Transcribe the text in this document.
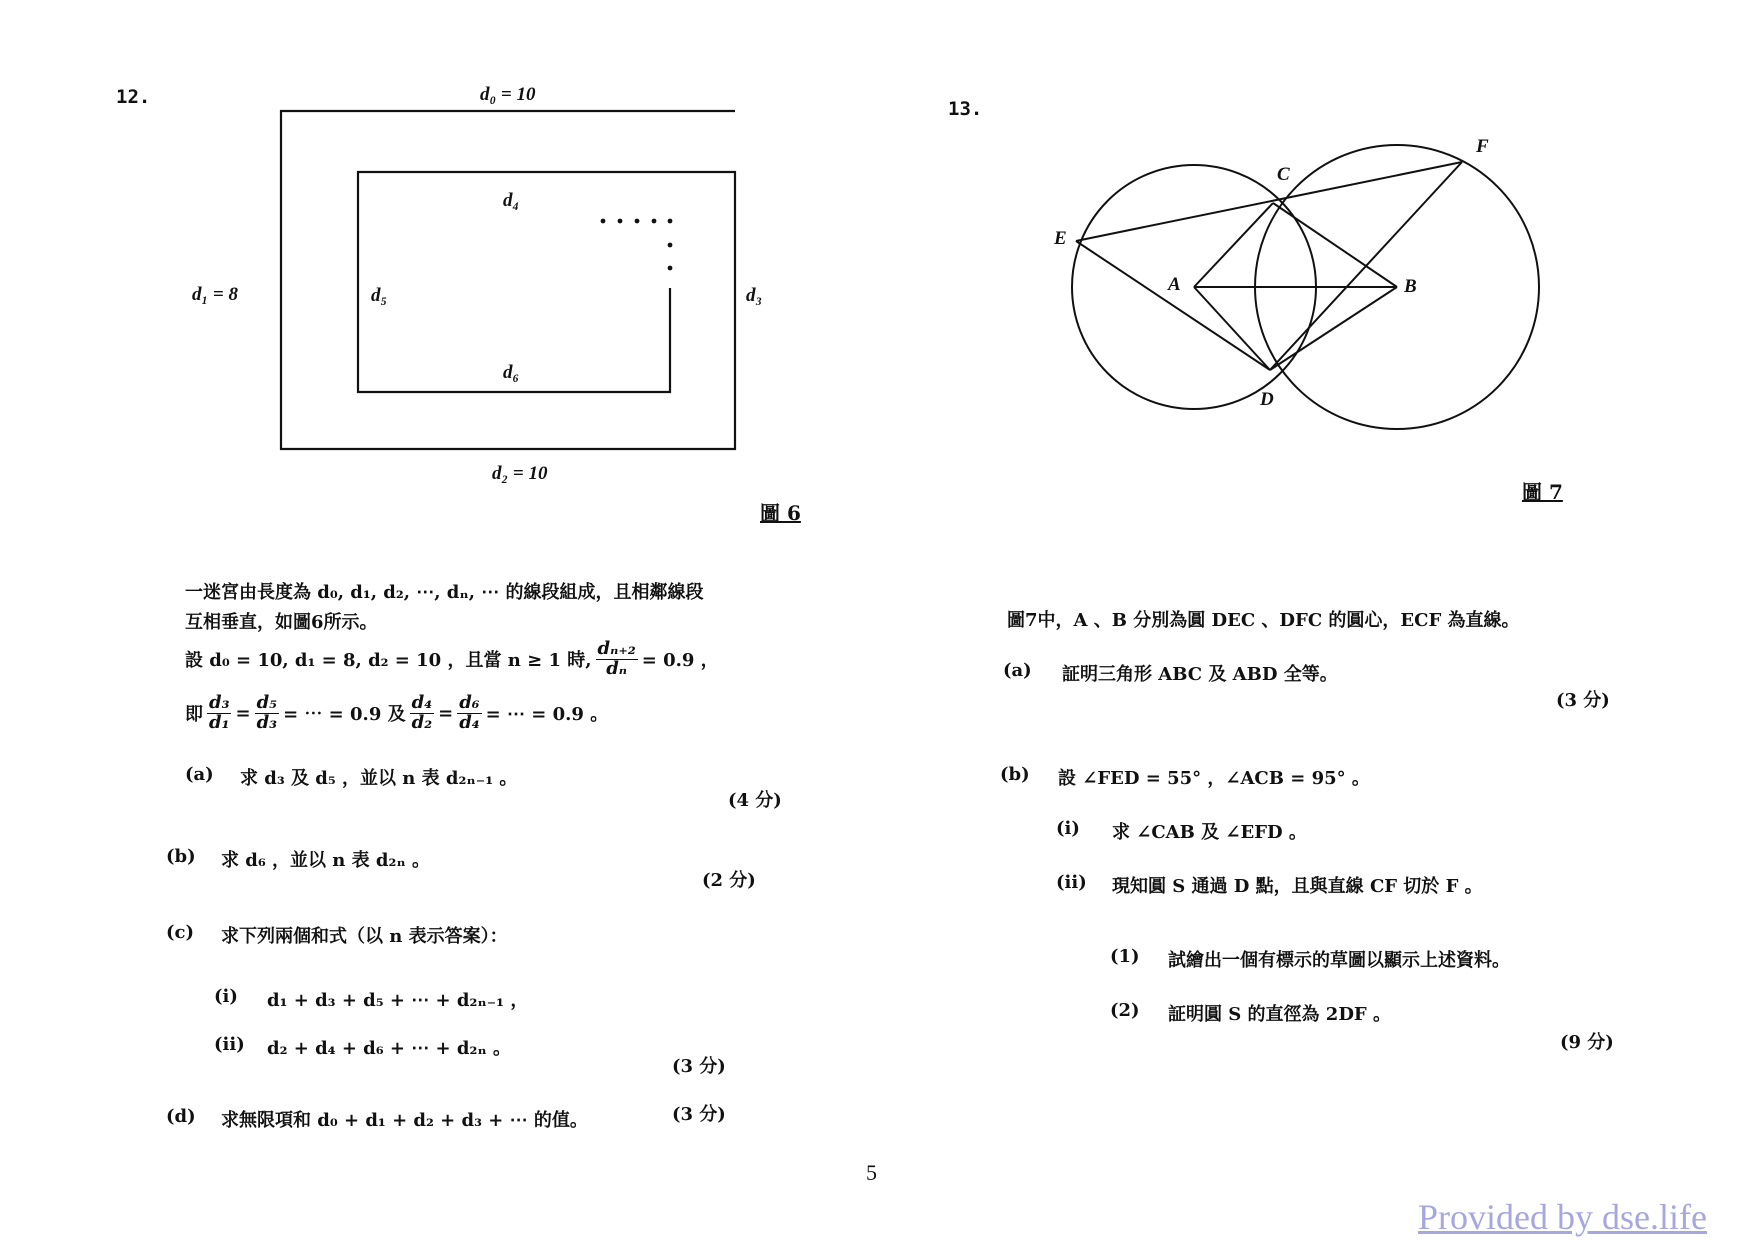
12.	d₀ = 10
d₁ = 8
d₂ = 10
d₃
d₄
d₅
d₆
圖 6
一迷宮由長度為 d₀, d₁, d₂, ⋯, dₙ, ⋯ 的線段組成，且相鄰線段
互相垂直，如圖6所示。
設 d₀ = 10, d₁ = 8, d₂ = 10 ，且當 n ≥ 1 時, $\frac{\text{dₙ₊₂}}{\text{dₙ}} = 0.9$ ，
即 $\frac{\text{d₃}}{\text{d₁}} = \frac{\text{d₅}}{\text{d₃}}$ = ⋯ = 0.9 及 $\frac{\text{d₄}}{\text{d₂}} = \frac{\text{d₆}}{\text{d₄}}$ = ⋯ = 0.9 。
(a) 求 d₃ 及 d₅ ，並以 n 表 d₂ₙ₋₁ 。
(4 分)
(b) 求 d₆ ，並以 n 表 d₂ₙ 。
(2 分)
(c) 求下列兩個和式（以 n 表示答案）：
(i) d₁ + d₃ + d₅ + ⋯ + d₂ₙ₋₁ ，
(ii) d₂ + d₄ + d₆ + ⋯ + d₂ₙ 。
(3 分)
(d) 求無限項和 d₀ + d₁ + d₂ + d₃ + ⋯ 的值。	(3 分)
13.
C
F
E
A	B
D
圖 7
圖7中，A 、B 分別為圓 DEC 、DFC 的圓心，ECF 為直線。
(a) 証明三角形 ABC 及 ABD 全等。
(3 分)
(b) 設 ∠FED = 55° ，∠ACB = 95° 。
(i) 求 ∠CAB 及 ∠EFD 。
(ii) 現知圓 S 通過 D 點，且與直線 CF 切於 F 。
(1) 試繪出一個有標示的草圖以顯示上述資料。
(2) 証明圓 S 的直徑為 2DF 。
(9 分)
5
Provided by dse.life
